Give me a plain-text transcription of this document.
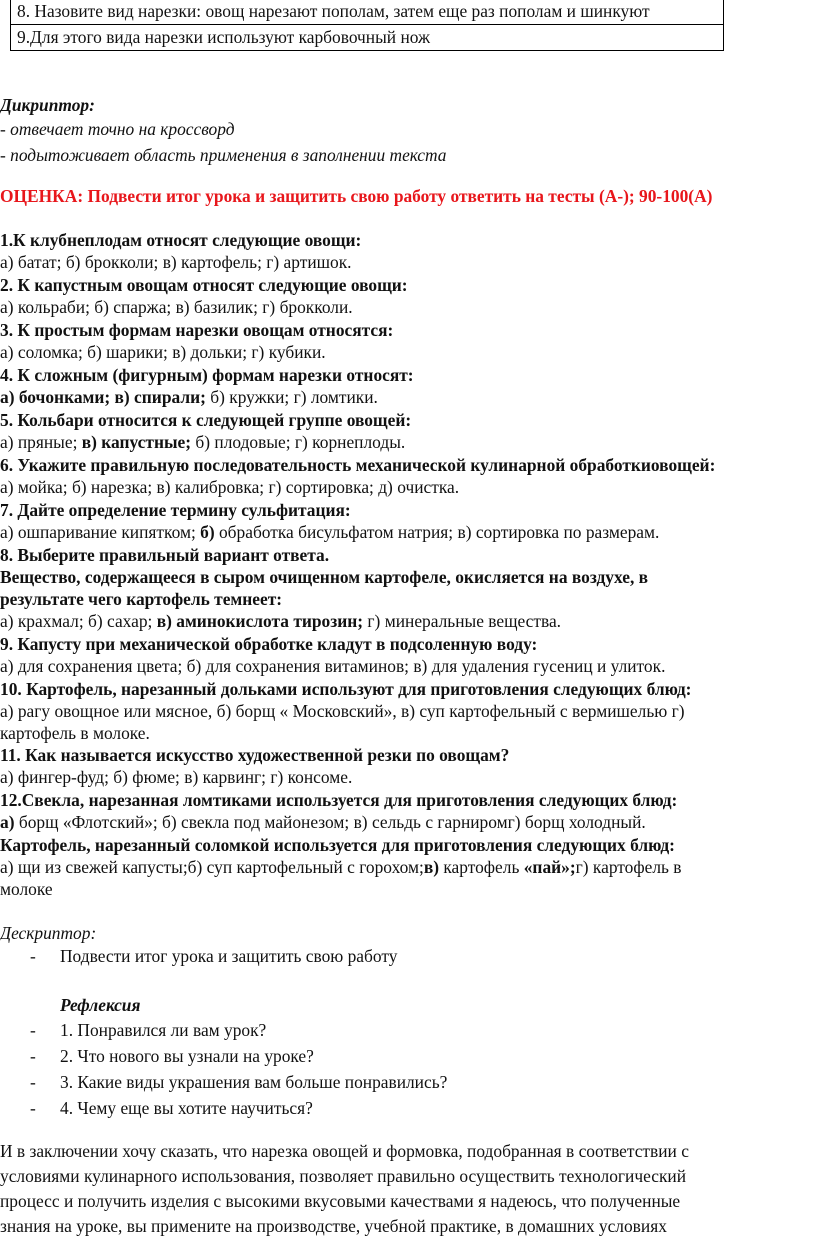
8. Назовите вид нарезки: овощ нарезают пополам, затем еще раз пополам и шинкуют
9.Для этого вида нарезки используют карбовочный нож
Дикриптор:
- отвечает точно на кроссворд
- подытоживает область применения в заполнении текста
ОЦЕНКА: Подвести итог урока и защитить свою работу ответить на тесты (А-); 90-100(А)
1.К клубнеплодам относят следующие овощи:
а) батат; б) брокколи; в) картофель; г) артишок.
2. К капустным овощам относят следующие овощи:
а) кольраби; б) спаржа; в) базилик; г) брокколи.
3. К простым формам нарезки овощам относятся:
а) соломка; б) шарики; в) дольки; г) кубики.
4. К сложным (фигурным) формам нарезки относят:
а) бочонками; в) спирали; б) кружки; г) ломтики.
5. Кольбари относится к следующей группе овощей:
а) пряные; в) капустные; б) плодовые; г) корнеплоды.
6. Укажите правильную последовательность механической кулинарной обработкиовощей:
а) мойка; б) нарезка; в) калибровка; г) сортировка; д) очистка.
7. Дайте определение термину сульфитация:
а) ошпаривание кипятком; б) обработка бисульфатом натрия; в) сортировка по размерам.
8. Выберите правильный вариант ответа.
Вещество, содержащееся в сыром очищенном картофеле, окисляется на воздухе, в
результате чего картофель темнеет:
а) крахмал; б) сахар; в) аминокислота тирозин; г) минеральные вещества.
9. Капусту при механической обработке кладут в подсоленную воду:
а) для сохранения цвета; б) для сохранения витаминов; в) для удаления гусениц и улиток.
10. Картофель, нарезанный дольками используют для приготовления следующих блюд:
а) рагу овощное или мясное, б) борщ « Московский», в) суп картофельный с вермишелью г)
картофель в молоке.
11. Как называется искусство художественной резки по овощам?
а) фингер-фуд; б) фюме; в) карвинг; г) консоме.
12.Свекла, нарезанная ломтиками используется для приготовления следующих блюд:
а) борщ «Флотский»; б) свекла под майонезом; в) сельдь с гарниромг) борщ холодный.
Картофель, нарезанный соломкой используется для приготовления следующих блюд:
а) щи из свежей капусты;б) суп картофельный с горохом;в) картофель «пай»;г) картофель в
молоке
Дескриптор:
- Подвести итог урока и защитить свою работу
Рефлексия
- 1. Понравился ли вам урок?
- 2. Что нового вы узнали на уроке?
- 3. Какие виды украшения вам больше понравились?
- 4. Чему еще вы хотите научиться?
И в заключении хочу сказать, что нарезка овощей и формовка, подобранная в соответствии с
условиями кулинарного использования, позволяет правильно осуществить технологический
процесс и получить изделия с высокими вкусовыми качествами я надеюсь, что полученные
знания на уроке, вы примените на производстве, учебной практике, в домашних условиях
